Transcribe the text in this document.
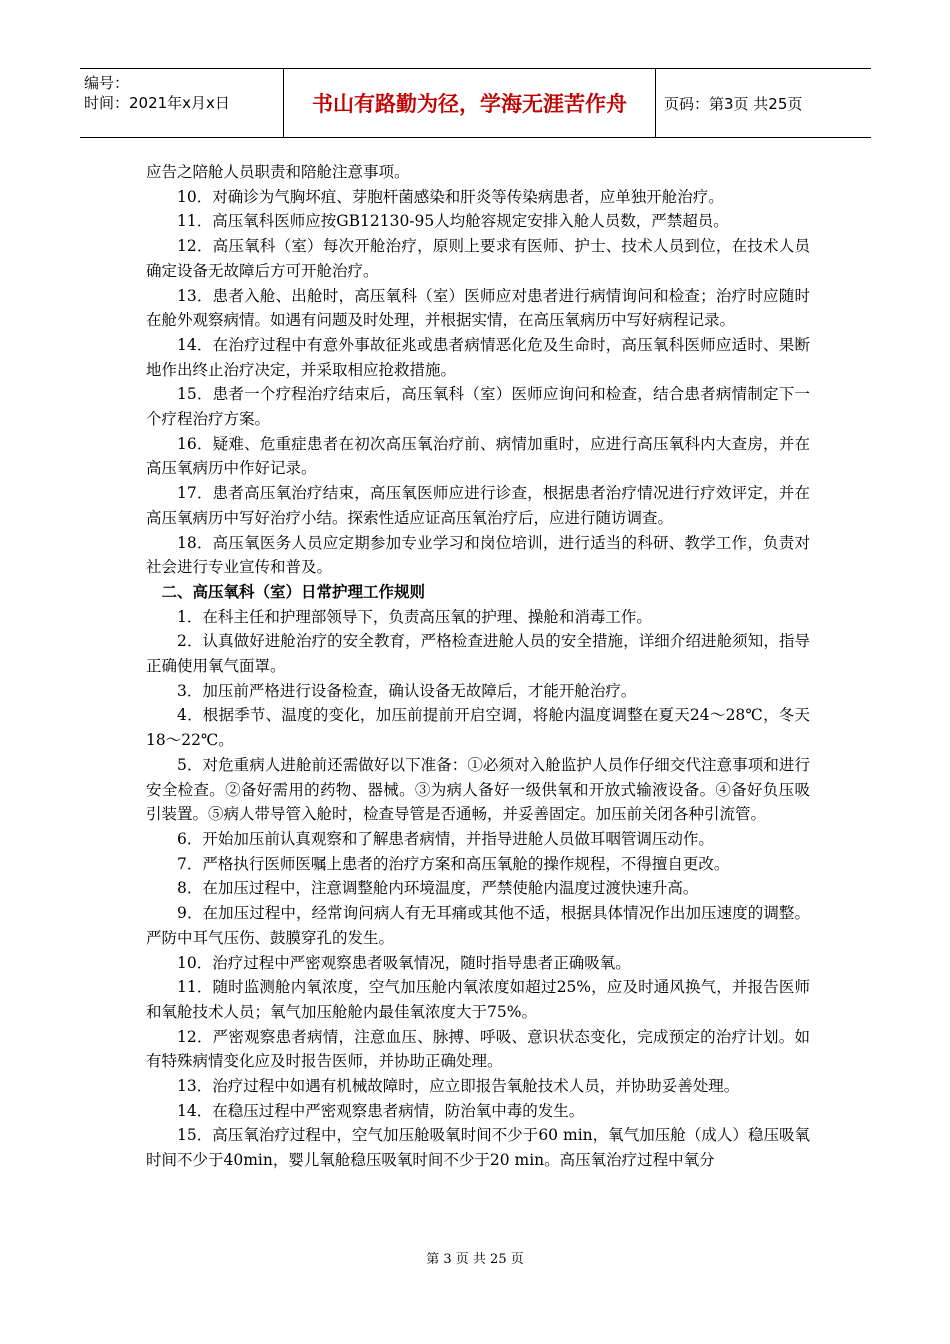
编号：
时间：2021年x月x日	书山有路勤为径，学海无涯苦作舟	页码：第3页 共25页

应告之陪舱人员职责和陪舱注意事项。

10．对确诊为气胸坏疽、芽胞杆菌感染和肝炎等传染病患者，应单独开舱治疗。

11．高压氧科医师应按GB12130-95人均舱容规定安排入舱人员数，严禁超员。

12．高压氧科（室）每次开舱治疗，原则上要求有医师、护士、技术人员到位，在技术人员确定设备无故障后方可开舱治疗。

13．患者入舱、出舱时，高压氧科（室）医师应对患者进行病情询问和检查；治疗时应随时在舱外观察病情。如遇有问题及时处理，并根据实情，在高压氧病历中写好病程记录。

14．在治疗过程中有意外事故征兆或患者病情恶化危及生命时，高压氧科医师应适时、果断地作出终止治疗决定，并采取相应抢救措施。

15．患者一个疗程治疗结束后，高压氧科（室）医师应询问和检查，结合患者病情制定下一个疗程治疗方案。

16．疑难、危重症患者在初次高压氧治疗前、病情加重时，应进行高压氧科内大查房，并在高压氧病历中作好记录。

17．患者高压氧治疗结束，高压氧医师应进行诊查，根据患者治疗情况进行疗效评定，并在高压氧病历中写好治疗小结。探索性适应证高压氧治疗后，应进行随访调查。

18．高压氧医务人员应定期参加专业学习和岗位培训，进行适当的科研、教学工作，负责对社会进行专业宣传和普及。

二、高压氧科（室）日常护理工作规则

1．在科主任和护理部领导下，负责高压氧的护理、操舱和消毒工作。

2．认真做好进舱治疗的安全教育，严格检查进舱人员的安全措施，详细介绍进舱须知，指导正确使用氧气面罩。

3．加压前严格进行设备检查，确认设备无故障后，才能开舱治疗。

4．根据季节、温度的变化，加压前提前开启空调，将舱内温度调整在夏天24～28℃，冬天18～22℃。

5．对危重病人进舱前还需做好以下准备：①必须对入舱监护人员作仔细交代注意事项和进行安全检查。②备好需用的药物、器械。③为病人备好一级供氧和开放式输液设备。④备好负压吸引装置。⑤病人带导管入舱时，检查导管是否通畅，并妥善固定。加压前关闭各种引流管。

6．开始加压前认真观察和了解患者病情，并指导进舱人员做耳咽管调压动作。

7．严格执行医师医嘱上患者的治疗方案和高压氧舱的操作规程，不得擅自更改。

8．在加压过程中，注意调整舱内环境温度，严禁使舱内温度过渡快速升高。

9．在加压过程中，经常询问病人有无耳痛或其他不适，根据具体情况作出加压速度的调整。严防中耳气压伤、鼓膜穿孔的发生。

10．治疗过程中严密观察患者吸氧情况，随时指导患者正确吸氧。

11．随时监测舱内氧浓度，空气加压舱内氧浓度如超过25%，应及时通风换气，并报告医师和氧舱技术人员；氧气加压舱舱内最佳氧浓度大于75%。

12．严密观察患者病情，注意血压、脉搏、呼吸、意识状态变化，完成预定的治疗计划。如有特殊病情变化应及时报告医师，并协助正确处理。

13．治疗过程中如遇有机械故障时，应立即报告氧舱技术人员，并协助妥善处理。

14．在稳压过程中严密观察患者病情，防治氧中毒的发生。

15．高压氧治疗过程中，空气加压舱吸氧时间不少于60 min，氧气加压舱（成人）稳压吸氧时间不少于40min，婴儿氧舱稳压吸氧时间不少于20 min。高压氧治疗过程中氧分

第 3 页 共 25 页
